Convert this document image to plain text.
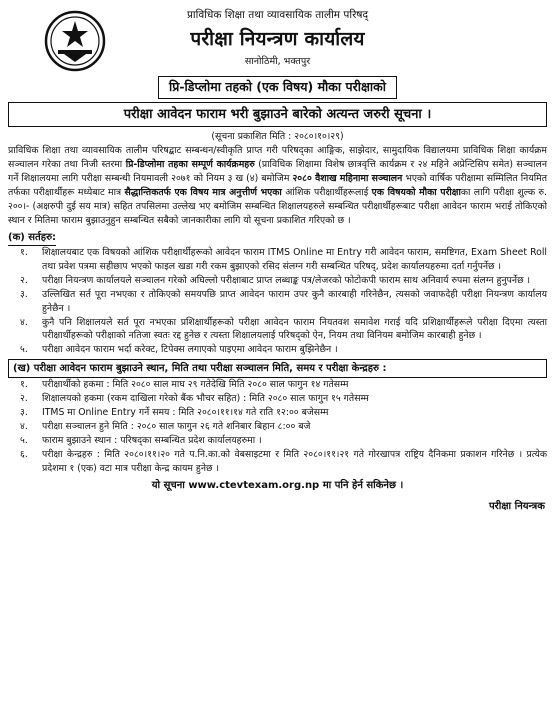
प्राविधिक शिक्षा तथा व्यावसायिक तालीम परिषद्
परीक्षा नियन्त्रण कार्यालय
सानोठिमी, भक्तपुर
प्रि-डिप्लोमा तहको (एक विषय) मौका परीक्षाको
परीक्षा आवेदन फाराम भरी बुझाउने बारेको अत्यन्त जरुरी सूचना ।
(सूचना प्रकाशित मिति : २०८०।१०।२९)
प्राविधिक शिक्षा तथा व्यावसायिक तालीम परिषद्बाट सम्बन्धन/स्वीकृति प्राप्त गरी परिषद्का आङ्गिक, साझेदार, सामुदायिक विद्यालयमा प्राविधिक शिक्षा कार्यक्रम सञ्चालन गरेका तथा निजी स्तरमा प्रि-डिप्लोमा तहका सम्पूर्ण कार्यक्रमहरु (प्राविधिक शिक्षामा विशेष छात्रवृत्ति कार्यक्रम र २४ महिने अप्रेन्टिसिप समेत) सञ्चालन गर्ने शिक्षालयमा लागि परीक्षा सम्बन्धी नियमावली २०७१ को नियम ३ ख (४) बमोजिम २०८० वैशाख महिनामा सञ्चालन भएको वार्षिक परीक्षामा सम्मिलित नियमित तर्फका परीक्षार्थीहरू मध्येबाट मात्र सैद्धान्तिकतर्फ एक विषय मात्र अनुत्तीर्ण भएका आंशिक परीक्षार्थीहरूलाई एक विषयको मौका परीक्षाका लागि परीक्षा शुल्क रु. २००।- (अक्षरुपी दुई सय मात्र) सहित तपसिलमा उल्लेख भए बमोजिम सम्बन्धित शिक्षालयहरुले सम्बन्धित परीक्षार्थीहरूबाट परीक्षा आवेदन फाराम भराई तोकिएको स्थान र मितिमा फाराम बुझाउनुहुन सम्बन्धित सबैको जानकारीका लागि यो सूचना प्रकाशित गरिएको छ ।
(क) सर्तहरु:
१. शिक्षालयबाट एक विषयको आंशिक परीक्षार्थीहरूको आवेदन फाराम ITMS Online मा Entry गरी आवेदन फाराम, समष्टिगत, Exam Sheet Roll तथा प्रवेश पत्रमा सहीछाप भएको फाइल खडा गरी रकम बुझाएको रसिद संलग्न गरी सम्बन्धित परिषद्, प्रदेश कार्यालयहरुमा दर्ता गर्नुपर्नेछ ।
२. परीक्षा नियन्त्रण कार्यालयले सञ्चालन गरेको अघिल्लो परीक्षाबाट प्राप्त लब्धाङ्क पत्र/लेजरको फोटोकपी फाराम साथ अनिवार्य रुपमा संलग्न हुनुपर्नेछ ।
३. उल्लिखित सर्त पूरा नभएका र तोकिएको समयपछि प्राप्त आवेदन फाराम उपर कुनै कारबाही गरिनेछैन, त्यसको जवाफदेही परीक्षा नियन्त्रण कार्यालय हुनेछैन ।
४. कुनै पनि शिक्षालयले सर्त पूरा नभएका प्रशिक्षार्थीहरूको परीक्षा आवेदन फाराम नियतवश समावेश गराई यदि प्रशिक्षार्थीहरूले परीक्षा दिएमा त्यस्ता परीक्षार्थीहरूको परीक्षाको नतिजा स्वतः रद्द हुनेछ र त्यस्ता शिक्षालयलाई परिषद्को ऐन, नियम तथा विनियम बमोजिम कारबाही हुनेछ ।
५. परीक्षा आवेदन फाराम भर्दा करेक्ट, टिपेक्स लगाएको पाइएमा आवेदन फाराम बुझिनेछैन ।
(ख) परीक्षा आवेदन फाराम बुझाउने स्थान, मिति तथा परीक्षा सञ्चालन मिति, समय र परीक्षा केन्द्रहरु :
१. परीक्षार्थीको हकमा : मिति २०८० साल माघ २९ गतेदेखि मिति २०८० साल फागुन १४ गतेसम्म
२. शिक्षालयको हकमा (रकम दाखिला गरेको बैंक भौचर सहित) : मिति २०८० साल फागुन १५ गतेसम्म
३. ITMS मा Online Entry गर्ने समय : मिति २०८०।११।१४ गते राति १२:०० बजेसम्म
४. परीक्षा सञ्चालन हुने मिति : २०८० साल फागुन २६ गते शनिबार बिहान ८:०० बजे
५. फाराम बुझाउने स्थान : परिषद्का सम्बन्धित प्रदेश कार्यालयहरुमा ।
६. परीक्षा केन्द्रहरु : मिति २०८०।११।२० गते प.नि.का.को वेबसाइटमा र मिति २०८०।११।२१ गते गोरखापत्र राष्ट्रिय दैनिकमा प्रकाशन गरिनेछ । प्रत्येक प्रदेशमा १ (एक) वटा मात्र परीक्षा केन्द्र कायम हुनेछ ।
यो सूचना www.ctevtexam.org.np मा पनि हेर्न सकिनेछ ।
परीक्षा नियन्त्रक
